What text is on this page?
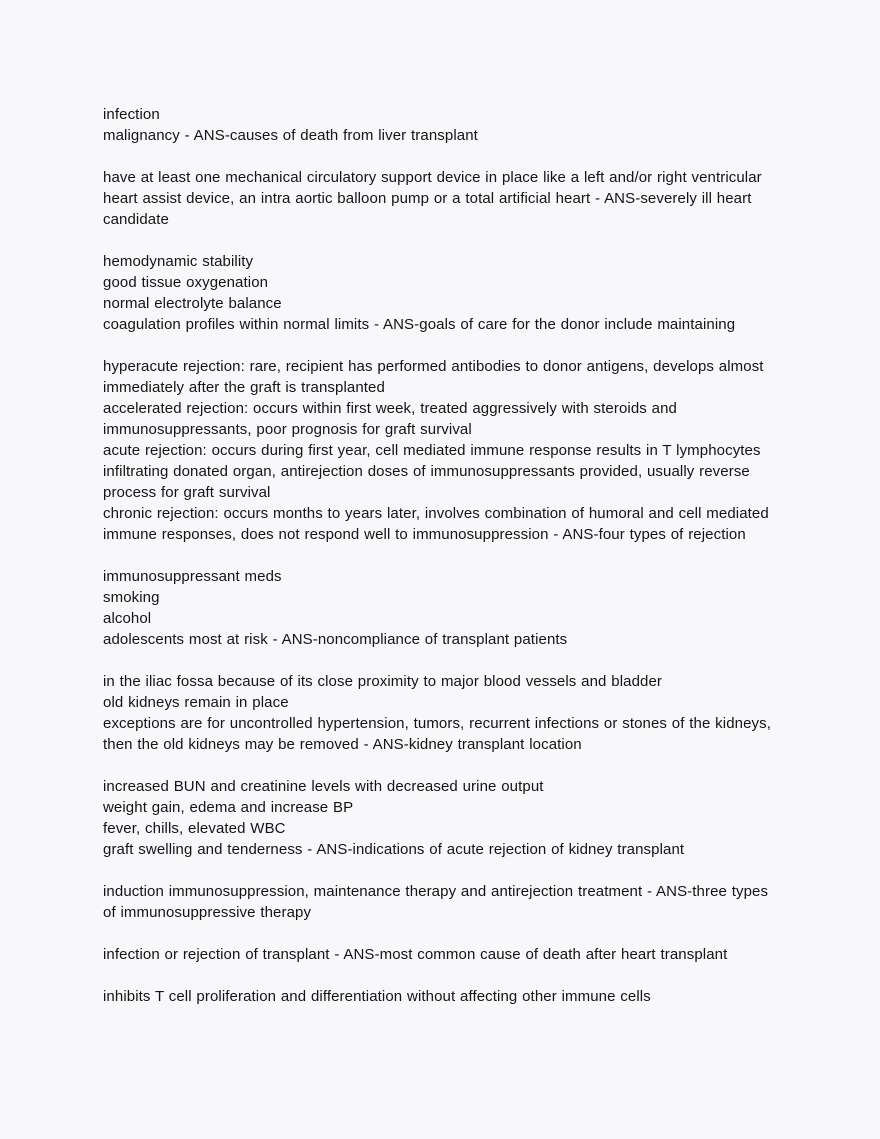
infection
malignancy - ANS-causes of death from liver transplant
have at least one mechanical circulatory support device in place like a left and/or right ventricular heart assist device, an intra aortic balloon pump or a total artificial heart - ANS-severely ill heart candidate
hemodynamic stability
good tissue oxygenation
normal electrolyte balance
coagulation profiles within normal limits - ANS-goals of care for the donor include maintaining
hyperacute rejection: rare, recipient has performed antibodies to donor antigens, develops almost immediately after the graft is transplanted
accelerated rejection: occurs within first week, treated aggressively with steroids and immunosuppressants, poor prognosis for graft survival
acute rejection: occurs during first year, cell mediated immune response results in T lymphocytes infiltrating donated organ, antirejection doses of immunosuppressants provided, usually reverse process for graft survival
chronic rejection: occurs months to years later, involves combination of humoral and cell mediated immune responses, does not respond well to immunosuppression - ANS-four types of rejection
immunosuppressant meds
smoking
alcohol
adolescents most at risk - ANS-noncompliance of transplant patients
in the iliac fossa because of its close proximity to major blood vessels and bladder
old kidneys remain in place
exceptions are for uncontrolled hypertension, tumors, recurrent infections or stones of the kidneys, then the old kidneys may be removed - ANS-kidney transplant location
increased BUN and creatinine levels with decreased urine output
weight gain, edema and increase BP
fever, chills, elevated WBC
graft swelling and tenderness - ANS-indications of acute rejection of kidney transplant
induction immunosuppression, maintenance therapy and antirejection treatment - ANS-three types of immunosuppressive therapy
infection or rejection of transplant - ANS-most common cause of death after heart transplant
inhibits T cell proliferation and differentiation without affecting other immune cells
